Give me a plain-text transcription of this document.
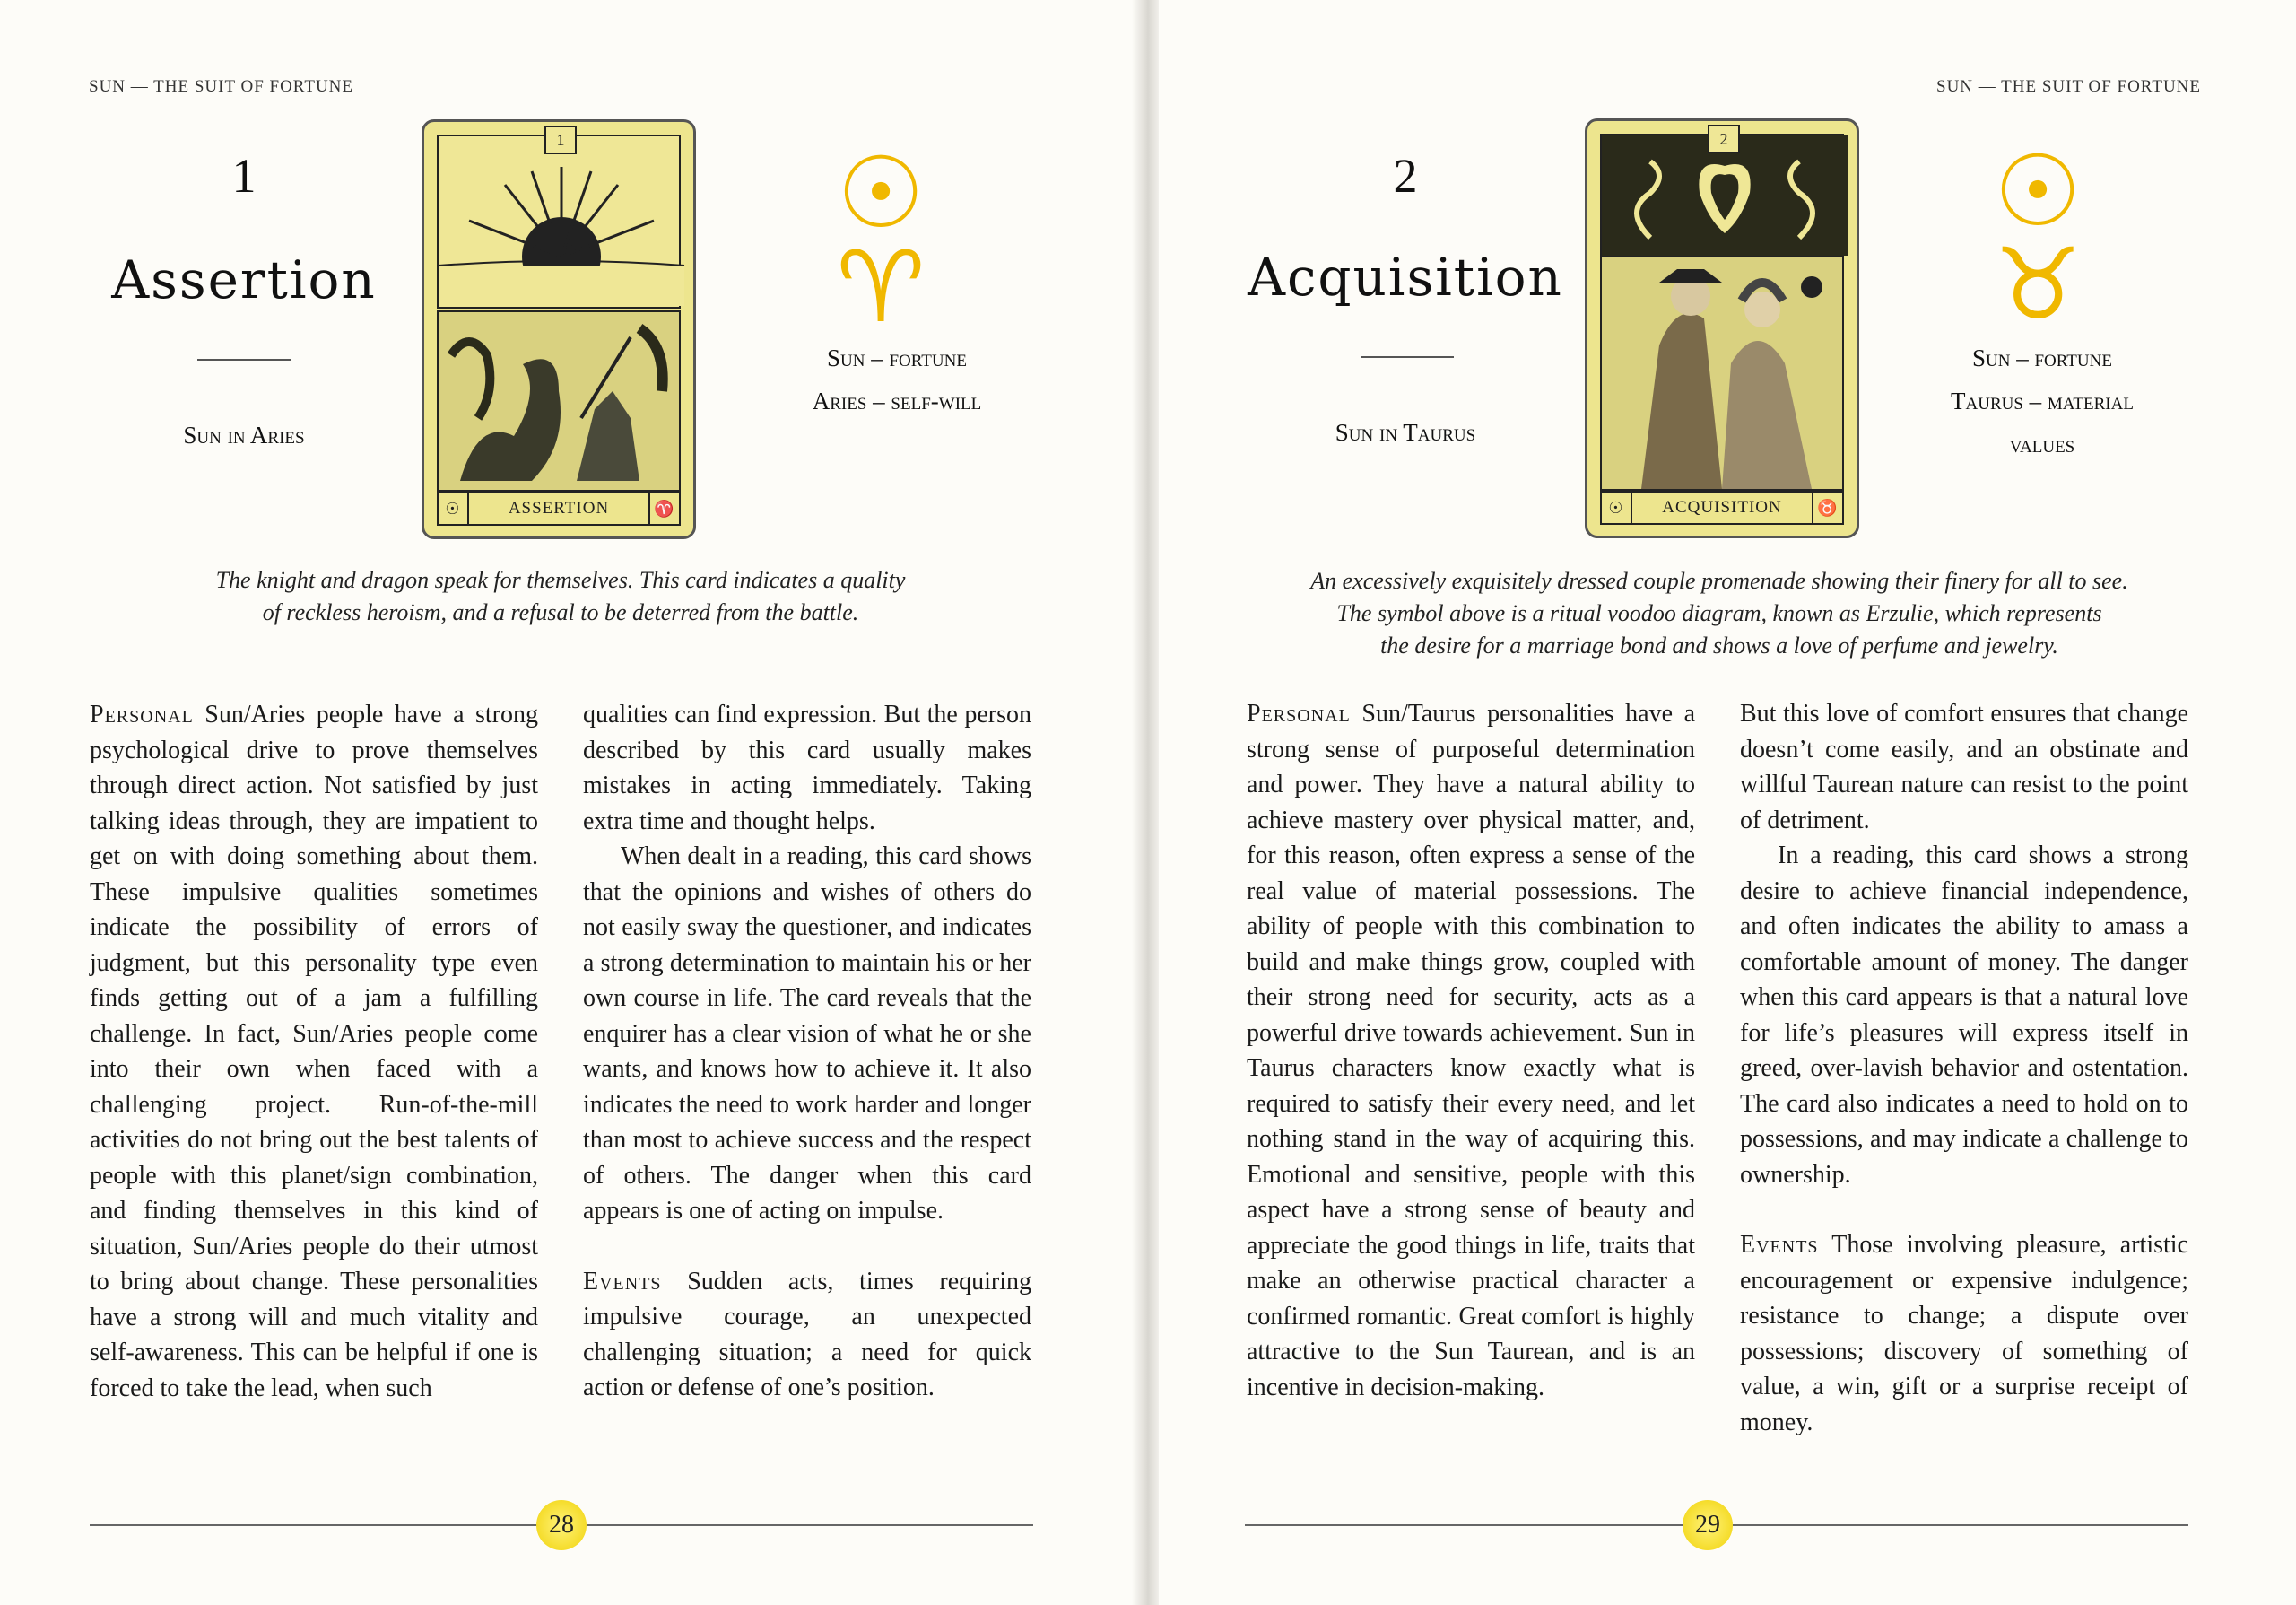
SUN — THE SUIT OF FORTUNE
1
Assertion
Sun in Aries
1
☉	ASSERTION	♈
☉
♈
Sun – fortune
Aries – self-will
The knight and dragon speak for themselves. This card indicates a quality
of reckless heroism, and a refusal to be deterred from the battle.

Personal Sun/Aries people have a strong psychological drive to prove themselves through direct action. Not satisfied by just talking ideas through, they are impatient to get on with doing something about them. These impulsive qualities sometimes indicate the possibility of errors of judgment, but this personality type even finds getting out of a jam a fulfilling challenge. In fact, Sun/Aries people come into their own when faced with a challenging project. Run-of-the-mill activities do not bring out the best talents of people with this planet/sign combination, and finding themselves in this kind of situation, Sun/Aries people do their utmost to bring about change. These personalities have a strong will and much vitality and self-awareness. This can be helpful if one is forced to take the lead, when such

qualities can find expression. But the person described by this card usually makes mistakes in acting immediately. Taking extra time and thought helps.

When dealt in a reading, this card shows that the opinions and wishes of others do not easily sway the questioner, and indicates a strong determination to maintain his or her own course in life. The card reveals that the enquirer has a clear vision of what he or she wants, and knows how to achieve it. It also indicates the need to work harder and longer than most to achieve success and the respect of others. The danger when this card appears is one of acting on impulse.

Events Sudden acts, times requiring impulsive courage, an unexpected challenging situation; a need for quick action or defense of one’s position.

28
SUN — THE SUIT OF FORTUNE
2
Acquisition
Sun in Taurus
2
☉	ACQUISITION	♉
☉
♉
Sun – fortune
Taurus – material
values
An excessively exquisitely dressed couple promenade showing their finery for all to see.
The symbol above is a ritual voodoo diagram, known as Erzulie, which represents
the desire for a marriage bond and shows a love of perfume and jewelry.

Personal Sun/Taurus personalities have a strong sense of purposeful determination and power. They have a natural ability to achieve mastery over physical matter, and, for this reason, often express a sense of the real value of material possessions. The ability of people with this combination to build and make things grow, coupled with their strong need for security, acts as a powerful drive towards achievement. Sun in Taurus characters know exactly what is required to satisfy their every need, and let nothing stand in the way of acquiring this. Emotional and sensitive, people with this aspect have a strong sense of beauty and appreciate the good things in life, traits that make an otherwise practical character a confirmed romantic. Great comfort is highly attractive to the Sun Taurean, and is an incentive in decision-making.

But this love of comfort ensures that change doesn’t come easily, and an obstinate and willful Taurean nature can resist to the point of detriment.

In a reading, this card shows a strong desire to achieve financial independence, and often indicates the ability to amass a comfortable amount of money. The danger when this card appears is that a natural love for life’s pleasures will express itself in greed, over-lavish behavior and ostentation. The card also indicates a need to hold on to possessions, and may indicate a challenge to ownership.

Events Those involving pleasure, artistic encouragement or expensive indulgence; resistance to change; a dispute over possessions; discovery of something of value, a win, gift or a surprise receipt of money.

29
